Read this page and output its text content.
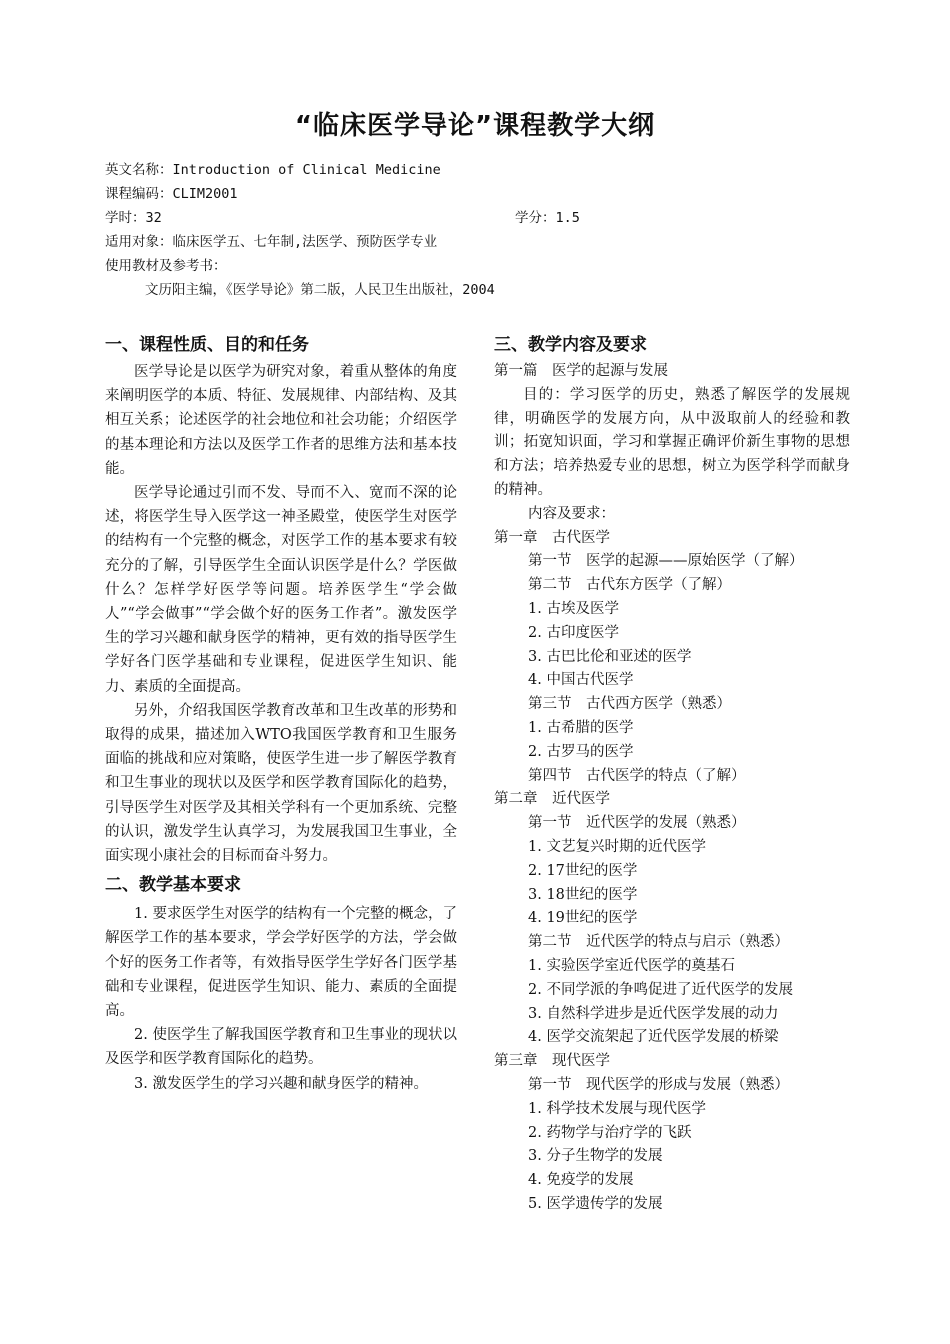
“临床医学导论”课程教学大纲
英文名称：Introduction of Clinical Medicine
课程编码：CLIM2001
学时：32	学分：1.5
适用对象：临床医学五、七年制,法医学、预防医学专业
使用教材及参考书：
文历阳主编，《医学导论》第二版，人民卫生出版社，2004
一、课程性质、目的和任务

医学导论是以医学为研究对象，着重从整体的角度来阐明医学的本质、特征、发展规律、内部结构、及其相互关系；论述医学的社会地位和社会功能；介绍医学的基本理论和方法以及医学工作者的思维方法和基本技能。

医学导论通过引而不发、导而不入、宽而不深的论述，将医学生导入医学这一神圣殿堂，使医学生对医学的结构有一个完整的概念，对医学工作的基本要求有较充分的了解，引导医学生全面认识医学是什么？学医做什么？怎样学好医学等问题。培养医学生“学会做人”“学会做事”“学会做个好的医务工作者”。激发医学生的学习兴趣和献身医学的精神，更有效的指导医学生学好各门医学基础和专业课程，促进医学生知识、能力、素质的全面提高。

另外，介绍我国医学教育改革和卫生改革的形势和取得的成果，描述加入WTO我国医学教育和卫生服务面临的挑战和应对策略，使医学生进一步了解医学教育和卫生事业的现状以及医学和医学教育国际化的趋势，引导医学生对医学及其相关学科有一个更加系统、完整的认识，激发学生认真学习，为发展我国卫生事业，全面实现小康社会的目标而奋斗努力。

二、教学基本要求

1. 要求医学生对医学的结构有一个完整的概念，了解医学工作的基本要求，学会学好医学的方法，学会做个好的医务工作者等，有效指导医学生学好各门医学基础和专业课程，促进医学生知识、能力、素质的全面提高。

2. 使医学生了解我国医学教育和卫生事业的现状以及医学和医学教育国际化的趋势。

3. 激发医学生的学习兴趣和献身医学的精神。

三、教学内容及要求
第一篇　医学的起源与发展

目的：学习医学的历史，熟悉了解医学的发展规律，明确医学的发展方向，从中汲取前人的经验和教训；拓宽知识面，学习和掌握正确评价新生事物的思想和方法；培养热爱专业的思想，树立为医学科学而献身的精神。

内容及要求：
第一章　古代医学
第一节　医学的起源——原始医学（了解）
第二节　古代东方医学（了解）
1. 古埃及医学
2. 古印度医学
3. 古巴比伦和亚述的医学
4. 中国古代医学
第三节　古代西方医学（熟悉）
1. 古希腊的医学
2. 古罗马的医学
第四节　古代医学的特点（了解）
第二章　近代医学
第一节　近代医学的发展（熟悉）
1. 文艺复兴时期的近代医学
2. 17世纪的医学
3. 18世纪的医学
4. 19世纪的医学
第二节　近代医学的特点与启示（熟悉）
1. 实验医学室近代医学的奠基石
2. 不同学派的争鸣促进了近代医学的发展
3. 自然科学进步是近代医学发展的动力
4. 医学交流架起了近代医学发展的桥梁
第三章　现代医学
第一节　现代医学的形成与发展（熟悉）
1. 科学技术发展与现代医学
2. 药物学与治疗学的飞跃
3. 分子生物学的发展
4. 免疫学的发展
5. 医学遗传学的发展
